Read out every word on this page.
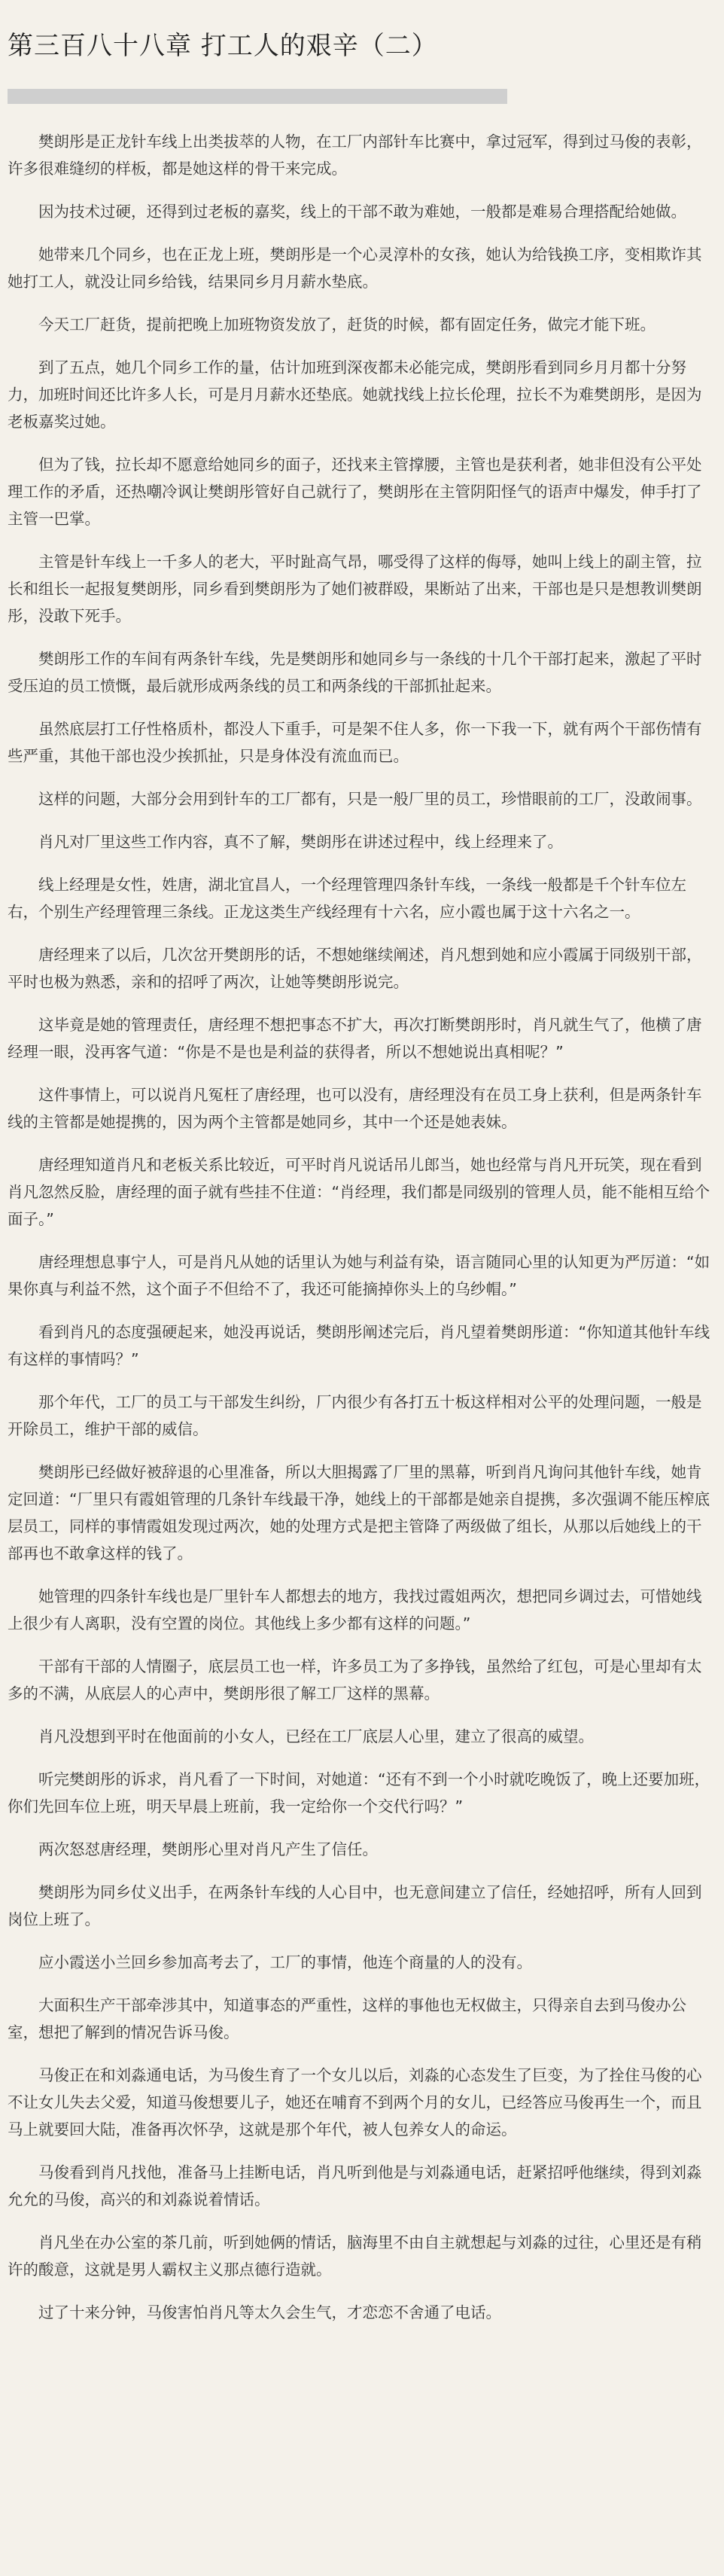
第三百八十八章 打工人的艰辛（二）

樊朗彤是正龙针车线上出类拔萃的人物，在工厂内部针车比赛中，拿过冠军，得到过马俊的表彰，许多很难缝纫的样板，都是她这样的骨干来完成。

因为技术过硬，还得到过老板的嘉奖，线上的干部不敢为难她，一般都是难易合理搭配给她做。

她带来几个同乡，也在正龙上班，樊朗彤是一个心灵淳朴的女孩，她认为给钱换工序，变相欺诈其她打工人，就没让同乡给钱，结果同乡月月薪水垫底。

今天工厂赶货，提前把晚上加班物资发放了，赶货的时候，都有固定任务，做完才能下班。

到了五点，她几个同乡工作的量，估计加班到深夜都未必能完成，樊朗彤看到同乡月月都十分努力，加班时间还比许多人长，可是月月薪水还垫底。她就找线上拉长伦理，拉长不为难樊朗彤，是因为老板嘉奖过她。

但为了钱，拉长却不愿意给她同乡的面子，还找来主管撑腰，主管也是获利者，她非但没有公平处理工作的矛盾，还热嘲冷讽让樊朗彤管好自己就行了，樊朗彤在主管阴阳怪气的语声中爆发，伸手打了主管一巴掌。

主管是针车线上一千多人的老大，平时趾高气昂，哪受得了这样的侮辱，她叫上线上的副主管，拉长和组长一起报复樊朗彤，同乡看到樊朗彤为了她们被群殴，果断站了出来，干部也是只是想教训樊朗彤，没敢下死手。

樊朗彤工作的车间有两条针车线，先是樊朗彤和她同乡与一条线的十几个干部打起来，激起了平时受压迫的员工愤慨，最后就形成两条线的员工和两条线的干部抓扯起来。

虽然底层打工仔性格质朴，都没人下重手，可是架不住人多，你一下我一下，就有两个干部伤情有些严重，其他干部也没少挨抓扯，只是身体没有流血而已。

这样的问题，大部分会用到针车的工厂都有，只是一般厂里的员工，珍惜眼前的工厂，没敢闹事。

肖凡对厂里这些工作内容，真不了解，樊朗彤在讲述过程中，线上经理来了。

线上经理是女性，姓唐，湖北宜昌人，一个经理管理四条针车线，一条线一般都是千个针车位左右，个别生产经理管理三条线。正龙这类生产线经理有十六名，应小霞也属于这十六名之一。

唐经理来了以后，几次岔开樊朗彤的话，不想她继续阐述，肖凡想到她和应小霞属于同级别干部，平时也极为熟悉，亲和的招呼了两次，让她等樊朗彤说完。

这毕竟是她的管理责任，唐经理不想把事态不扩大，再次打断樊朗彤时，肖凡就生气了，他横了唐经理一眼，没再客气道：“你是不是也是利益的获得者，所以不想她说出真相呢？”

这件事情上，可以说肖凡冤枉了唐经理，也可以没有，唐经理没有在员工身上获利，但是两条针车线的主管都是她提携的，因为两个主管都是她同乡，其中一个还是她表妹。

唐经理知道肖凡和老板关系比较近，可平时肖凡说话吊儿郎当，她也经常与肖凡开玩笑，现在看到肖凡忽然反脸，唐经理的面子就有些挂不住道：“肖经理，我们都是同级别的管理人员，能不能相互给个面子。”

唐经理想息事宁人，可是肖凡从她的话里认为她与利益有染，语言随同心里的认知更为严厉道：“如果你真与利益不然，这个面子不但给不了，我还可能摘掉你头上的乌纱帽。”

看到肖凡的态度强硬起来，她没再说话，樊朗彤阐述完后，肖凡望着樊朗彤道：“你知道其他针车线有这样的事情吗？”

那个年代，工厂的员工与干部发生纠纷，厂内很少有各打五十板这样相对公平的处理问题，一般是开除员工，维护干部的威信。

樊朗彤已经做好被辞退的心里准备，所以大胆揭露了厂里的黑幕，听到肖凡询问其他针车线，她肯定回道：“厂里只有霞姐管理的几条针车线最干净，她线上的干部都是她亲自提携，多次强调不能压榨底层员工，同样的事情霞姐发现过两次，她的处理方式是把主管降了两级做了组长，从那以后她线上的干部再也不敢拿这样的钱了。

她管理的四条针车线也是厂里针车人都想去的地方，我找过霞姐两次，想把同乡调过去，可惜她线上很少有人离职，没有空置的岗位。其他线上多少都有这样的问题。”

干部有干部的人情圈子，底层员工也一样，许多员工为了多挣钱，虽然给了红包，可是心里却有太多的不满，从底层人的心声中，樊朗彤很了解工厂这样的黑幕。

肖凡没想到平时在他面前的小女人，已经在工厂底层人心里，建立了很高的威望。

听完樊朗彤的诉求，肖凡看了一下时间，对她道：“还有不到一个小时就吃晚饭了，晚上还要加班，你们先回车位上班，明天早晨上班前，我一定给你一个交代行吗？”

两次怒怼唐经理，樊朗彤心里对肖凡产生了信任。

樊朗彤为同乡仗义出手，在两条针车线的人心目中，也无意间建立了信任，经她招呼，所有人回到岗位上班了。

应小霞送小兰回乡参加高考去了，工厂的事情，他连个商量的人的没有。

大面积生产干部牵涉其中，知道事态的严重性，这样的事他也无权做主，只得亲自去到马俊办公室，想把了解到的情况告诉马俊。

马俊正在和刘淼通电话，为马俊生育了一个女儿以后，刘淼的心态发生了巨变，为了拴住马俊的心不让女儿失去父爱，知道马俊想要儿子，她还在哺育不到两个月的女儿，已经答应马俊再生一个，而且马上就要回大陆，准备再次怀孕，这就是那个年代，被人包养女人的命运。

马俊看到肖凡找他，准备马上挂断电话，肖凡听到他是与刘淼通电话，赶紧招呼他继续，得到刘淼允允的马俊，高兴的和刘淼说着情话。

肖凡坐在办公室的茶几前，听到她俩的情话，脑海里不由自主就想起与刘淼的过往，心里还是有稍许的酸意，这就是男人霸权主义那点德行造就。

过了十来分钟，马俊害怕肖凡等太久会生气，才恋恋不舍通了电话。
